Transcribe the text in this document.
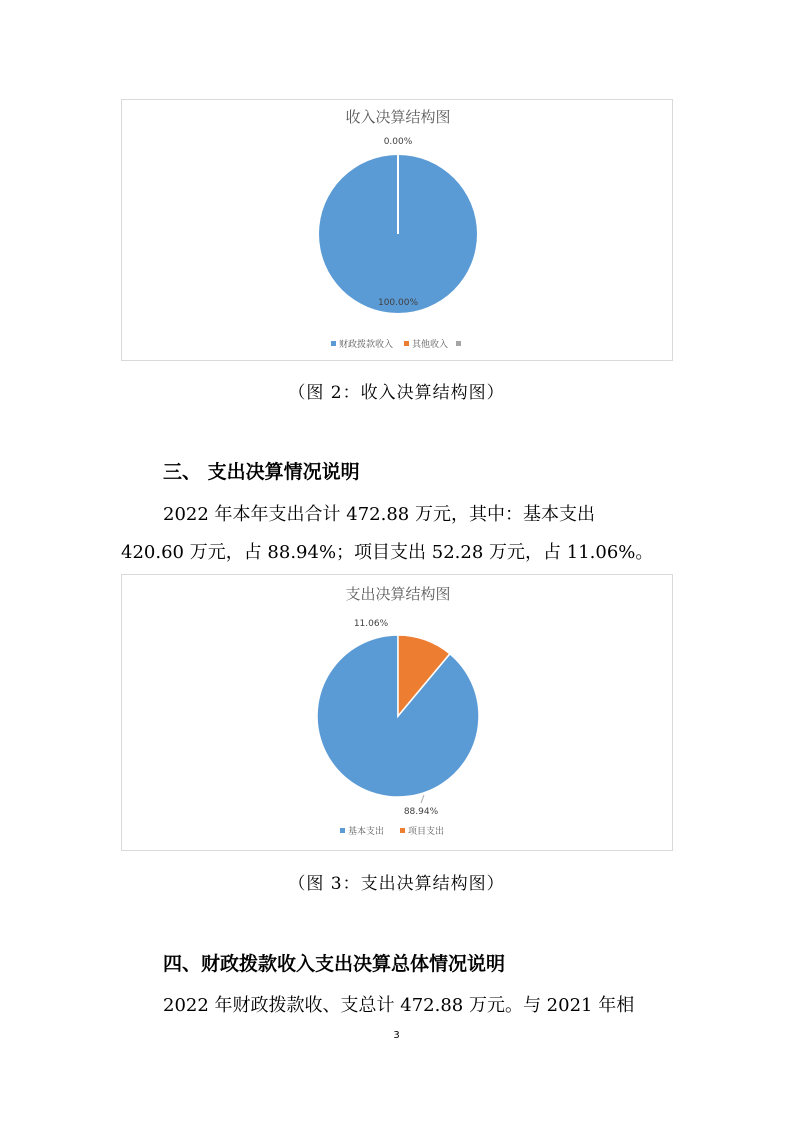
收入决算结构图
0.00%
100.00%
财政拨款收入 其他收入
（图 2：收入决算结构图）
三、 支出决算情况说明
2022 年本年支出合计 472.88 万元，其中：基本支出
420.60 万元，占 88.94%；项目支出 52.28 万元，占 11.06%。
支出决算结构图
11.06%
88.94%
基本支出	项目支出
（图 3：支出决算结构图）
四、财政拨款收入支出决算总体情况说明
2022 年财政拨款收、支总计 472.88 万元。与 2021 年相
3
